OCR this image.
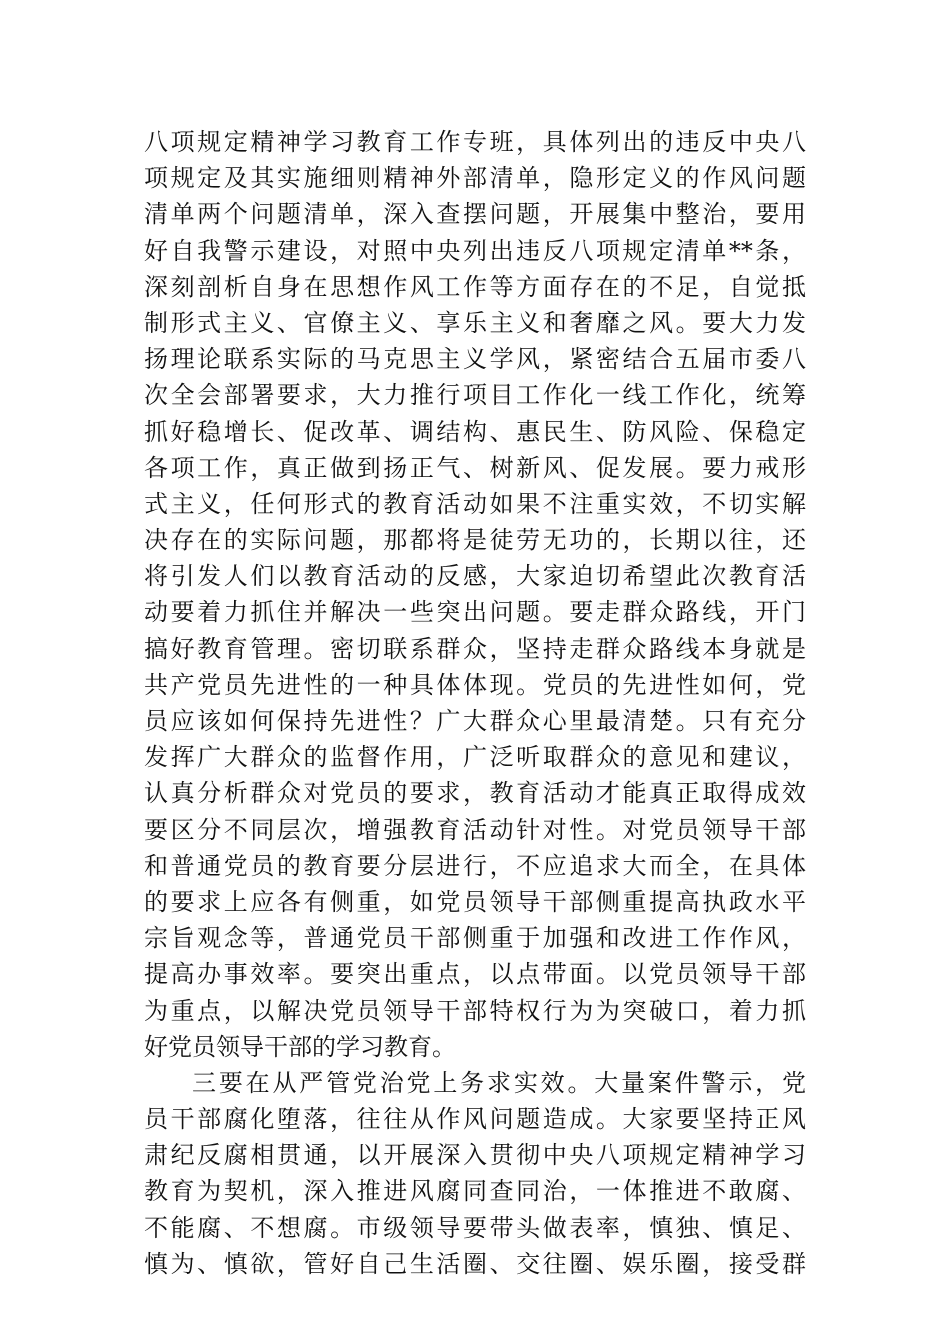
八项规定精神学习教育工作专班，具体列出的违反中央八
项规定及其实施细则精神外部清单，隐形定义的作风问题
清单两个问题清单，深入查摆问题，开展集中整治，要用
好自我警示建设，对照中央列出违反八项规定清单**条，
深刻剖析自身在思想作风工作等方面存在的不足，自觉抵
制形式主义、官僚主义、享乐主义和奢靡之风。要大力发
扬理论联系实际的马克思主义学风，紧密结合五届市委八
次全会部署要求，大力推行项目工作化一线工作化，统筹
抓好稳增长、促改革、调结构、惠民生、防风险、保稳定
各项工作，真正做到扬正气、树新风、促发展。要力戒形
式主义，任何形式的教育活动如果不注重实效，不切实解
决存在的实际问题，那都将是徒劳无功的，长期以往，还
将引发人们以教育活动的反感，大家迫切希望此次教育活
动要着力抓住并解决一些突出问题。要走群众路线，开门
搞好教育管理。密切联系群众，坚持走群众路线本身就是
共产党员先进性的一种具体体现。党员的先进性如何，党
员应该如何保持先进性？广大群众心里最清楚。只有充分
发挥广大群众的监督作用，广泛听取群众的意见和建议，
认真分析群众对党员的要求，教育活动才能真正取得成效
要区分不同层次，增强教育活动针对性。对党员领导干部
和普通党员的教育要分层进行，不应追求大而全，在具体
的要求上应各有侧重，如党员领导干部侧重提高执政水平
宗旨观念等，普通党员干部侧重于加强和改进工作作风，
提高办事效率。要突出重点，以点带面。以党员领导干部
为重点，以解决党员领导干部特权行为为突破口，着力抓
好党员领导干部的学习教育。
三要在从严管党治党上务求实效。大量案件警示，党
员干部腐化堕落，往往从作风问题造成。大家要坚持正风
肃纪反腐相贯通，以开展深入贯彻中央八项规定精神学习
教育为契机，深入推进风腐同查同治，一体推进不敢腐、
不能腐、不想腐。市级领导要带头做表率，慎独、慎足、
慎为、慎欲，管好自己生活圈、交往圈、娱乐圈，接受群
